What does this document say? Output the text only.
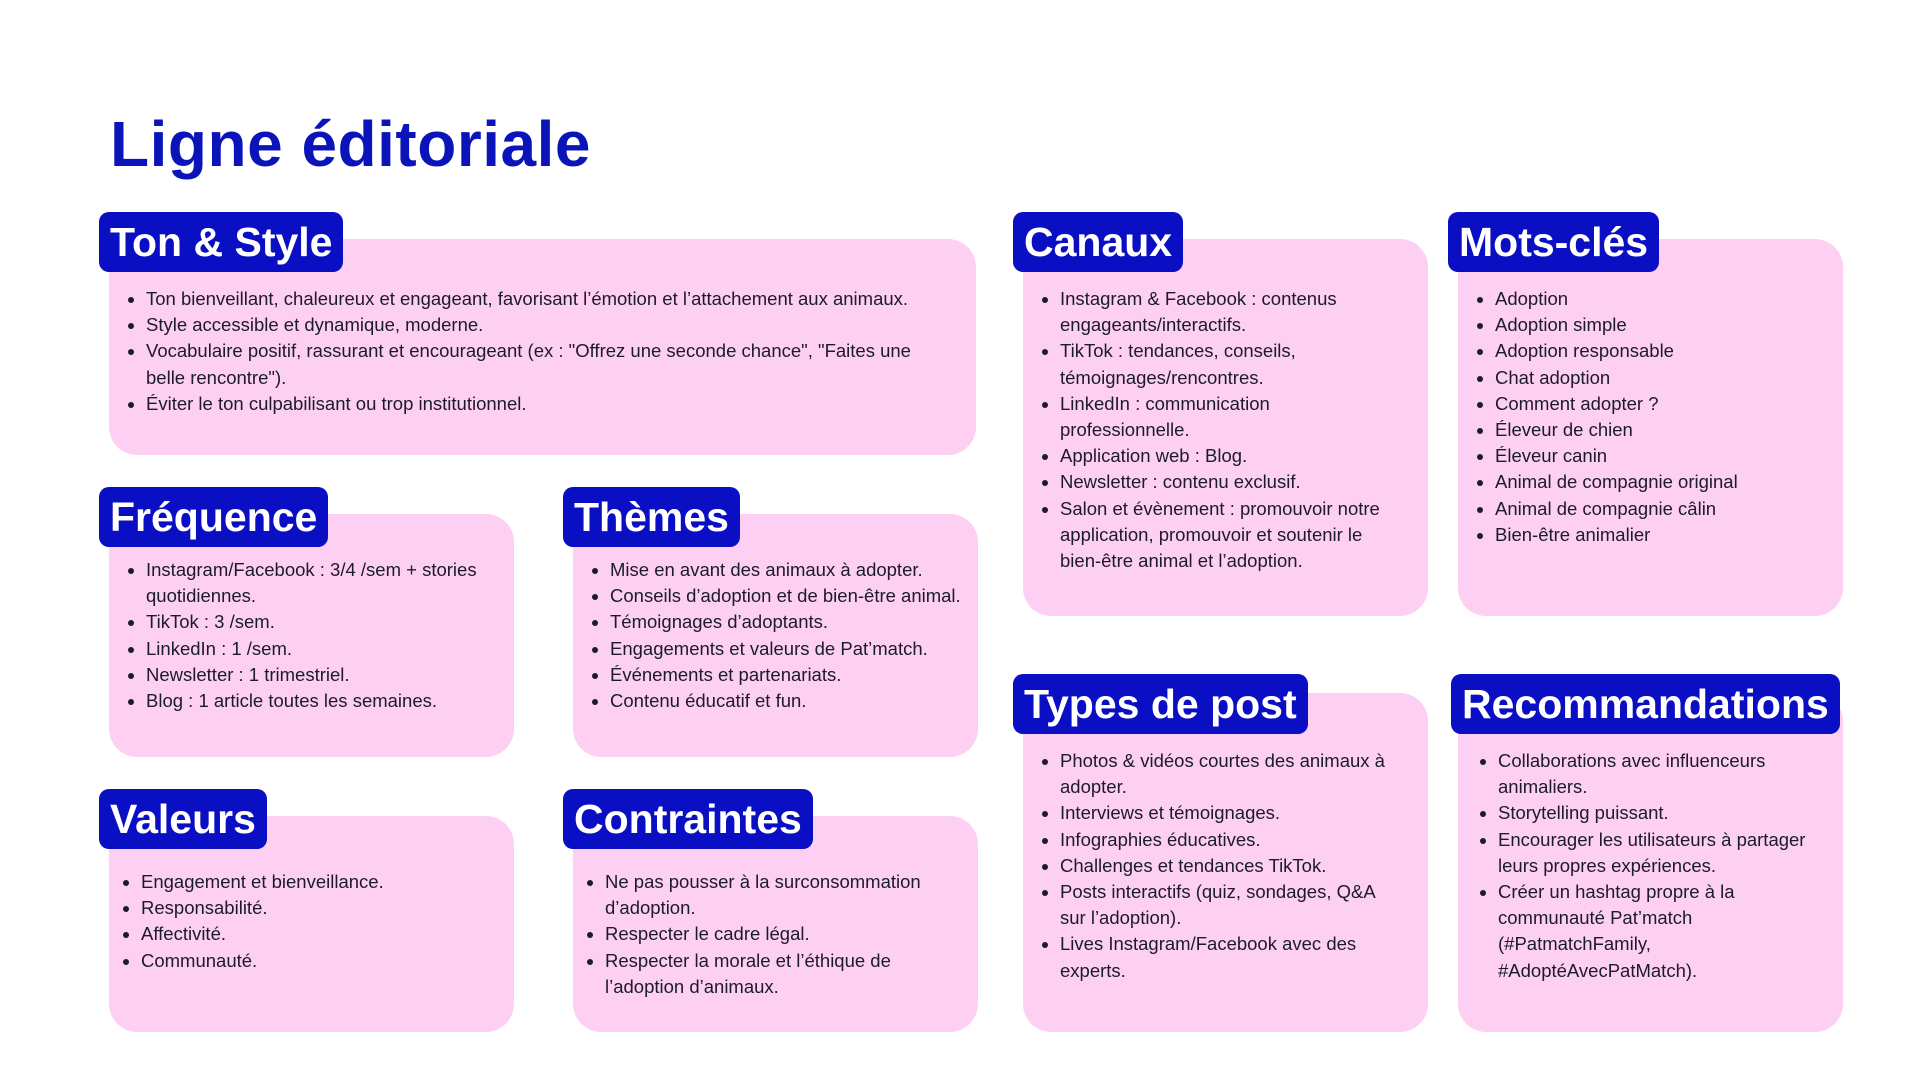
Ligne éditoriale
• Ton bienveillant, chaleureux et engageant, favorisant l’émotion et l’attachement aux animaux.
• Style accessible et dynamique, moderne.
• Vocabulaire positif, rassurant et encourageant (ex : "Offrez une seconde chance", "Faites une belle rencontre").
• Éviter le ton culpabilisant ou trop institutionnel.
Ton & Style
• Instagram/Facebook : 3/4 /sem + stories quotidiennes.
• TikTok : 3 /sem.
• LinkedIn : 1 /sem.
• Newsletter : 1 trimestriel.
• Blog : 1 article toutes les semaines.
Fréquence
• Mise en avant des animaux à adopter.
• Conseils d’adoption et de bien-être animal.
• Témoignages d’adoptants.
• Engagements et valeurs de Pat’match.
• Événements et partenariats.
• Contenu éducatif et fun.
Thèmes
• Engagement et bienveillance.
• Responsabilité.
• Affectivité.
• Communauté.
Valeurs
• Ne pas pousser à la surconsommation d’adoption.
• Respecter le cadre légal.
• Respecter la morale et l’éthique de l’adoption d’animaux.
Contraintes
• Instagram & Facebook : contenus engageants/interactifs.
• TikTok : tendances, conseils, témoignages/rencontres.
• LinkedIn : communication professionnelle.
• Application web : Blog.
• Newsletter : contenu exclusif.
• Salon et évènement : promouvoir notre application, promouvoir et soutenir le bien-être animal et l’adoption.
Canaux
• Adoption
• Adoption simple
• Adoption responsable
• Chat adoption
• Comment adopter ?
• Éleveur de chien
• Éleveur canin
• Animal de compagnie original
• Animal de compagnie câlin
• Bien-être animalier
Mots-clés
• Photos & vidéos courtes des animaux à adopter.
• Interviews et témoignages.
• Infographies éducatives.
• Challenges et tendances TikTok.
• Posts interactifs (quiz, sondages, Q&A sur l’adoption).
• Lives Instagram/Facebook avec des experts.
Types de post
• Collaborations avec influenceurs animaliers.
• Storytelling puissant.
• Encourager les utilisateurs à partager leurs propres expériences.
• Créer un hashtag propre à la communauté Pat’match (#PatmatchFamily, #AdoptéAvecPatMatch).
Recommandations
